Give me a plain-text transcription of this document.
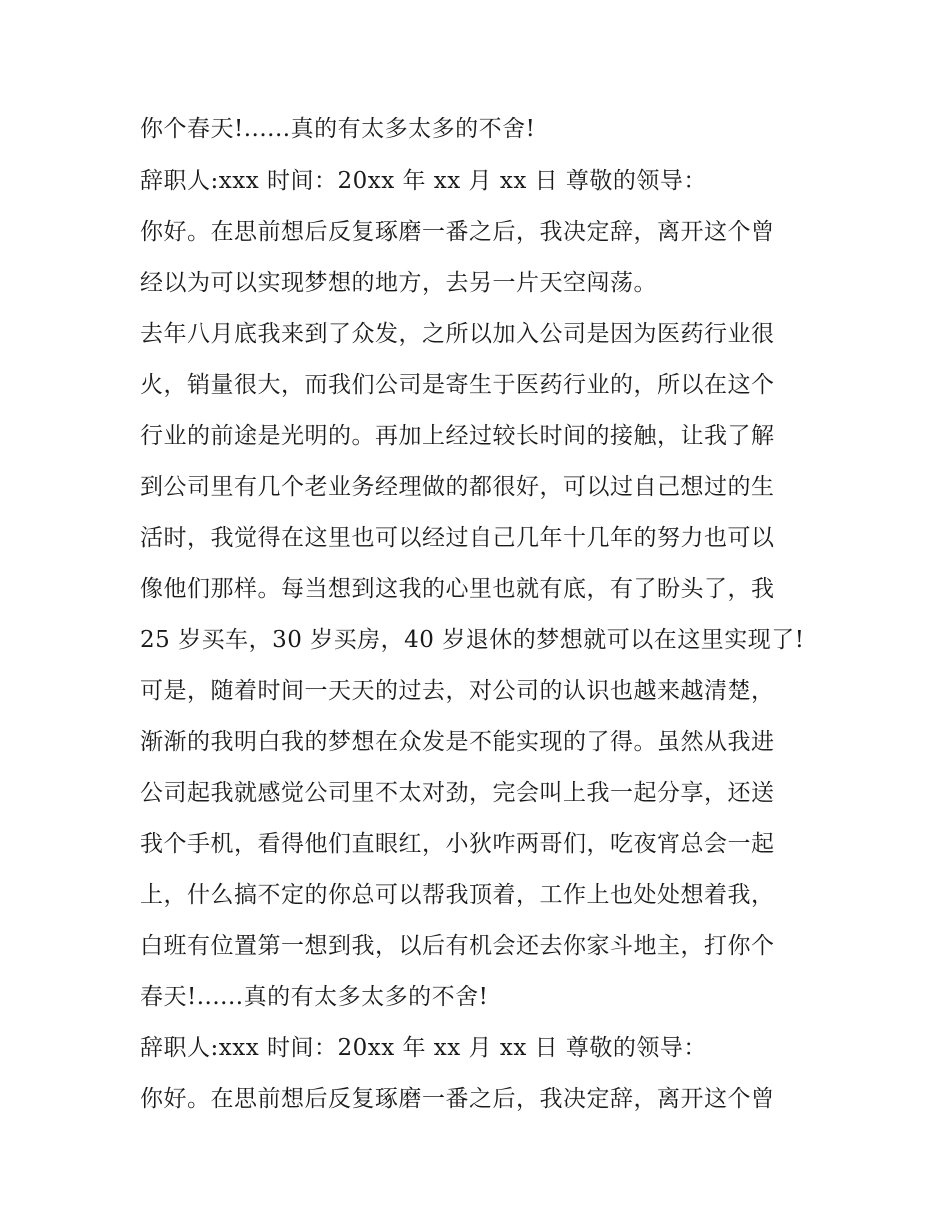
你个春天!......真的有太多太多的不舍!

辞职人:xxx 时间：20xx 年 xx 月 xx 日 尊敬的领导：

你好。在思前想后反复琢磨一番之后，我决定辞，离开这个曾

经以为可以实现梦想的地方，去另一片天空闯荡。

去年八月底我来到了众发，之所以加入公司是因为医药行业很

火，销量很大，而我们公司是寄生于医药行业的，所以在这个

行业的前途是光明的。再加上经过较长时间的接触，让我了解

到公司里有几个老业务经理做的都很好，可以过自己想过的生

活时，我觉得在这里也可以经过自己几年十几年的努力也可以

像他们那样。每当想到这我的心里也就有底，有了盼头了，我

25 岁买车，30 岁买房，40 岁退休的梦想就可以在这里实现了!

可是，随着时间一天天的过去，对公司的认识也越来越清楚，

渐渐的我明白我的梦想在众发是不能实现的了得。虽然从我进

公司起我就感觉公司里不太对劲，完会叫上我一起分享，还送

我个手机，看得他们直眼红，小狄咋两哥们，吃夜宵总会一起

上，什么搞不定的你总可以帮我顶着，工作上也处处想着我，

白班有位置第一想到我，以后有机会还去你家斗地主，打你个

春天!......真的有太多太多的不舍!

辞职人:xxx 时间：20xx 年 xx 月 xx 日 尊敬的领导：

你好。在思前想后反复琢磨一番之后，我决定辞，离开这个曾
